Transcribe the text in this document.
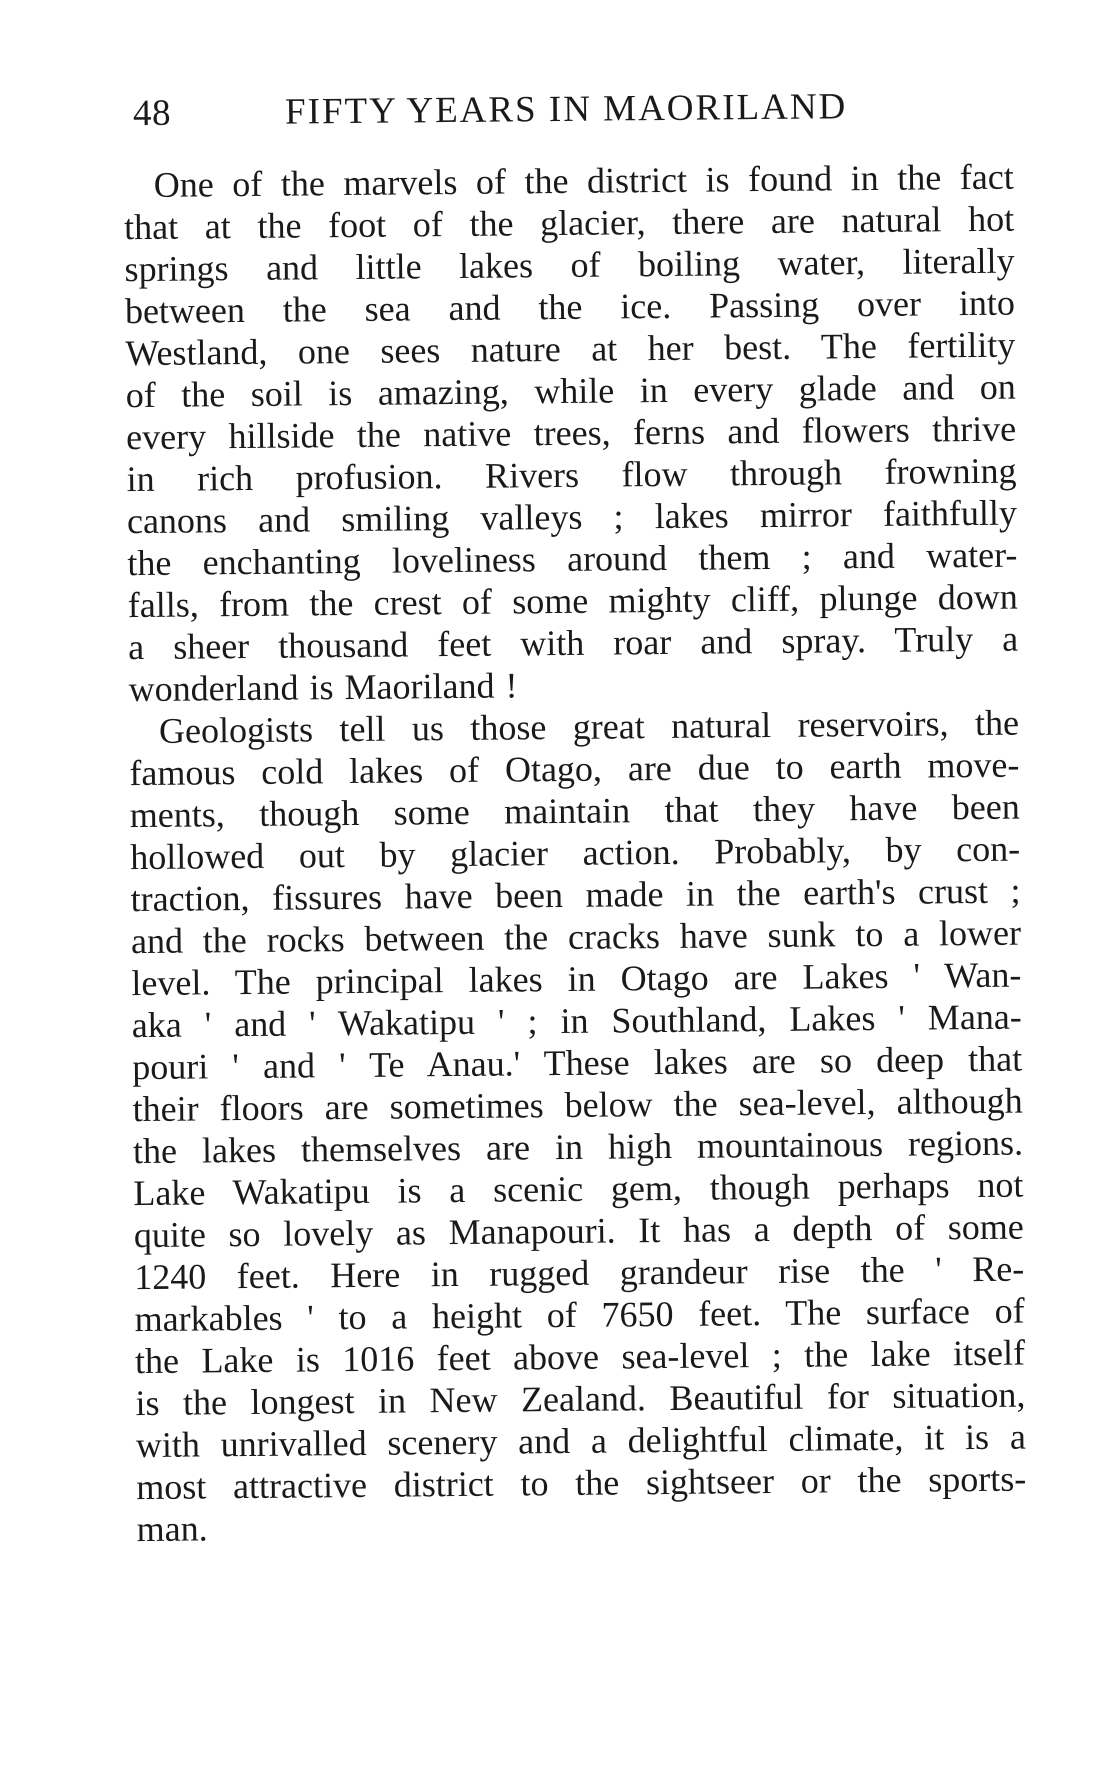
48	FIFTY YEARS IN MAORILAND
One of the marvels of the district is found in the fact
that at the foot of the glacier, there are natural hot
springs and little lakes of boiling water, literally
between the sea and the ice. Passing over into
Westland, one sees nature at her best. The fertility
of the soil is amazing, while in every glade and on
every hillside the native trees, ferns and flowers thrive
in rich profusion. Rivers flow through frowning
canons and smiling valleys ; lakes mirror faithfully
the enchanting loveliness around them ; and water-
falls, from the crest of some mighty cliff, plunge down
a sheer thousand feet with roar and spray. Truly a
wonderland is Maoriland !
Geologists tell us those great natural reservoirs, the
famous cold lakes of Otago, are due to earth move-
ments, though some maintain that they have been
hollowed out by glacier action. Probably, by con-
traction, fissures have been made in the earth's crust ;
and the rocks between the cracks have sunk to a lower
level. The principal lakes in Otago are Lakes ' Wan-
aka ' and ' Wakatipu ' ; in Southland, Lakes ' Mana-
pouri ' and ' Te Anau.' These lakes are so deep that
their floors are sometimes below the sea-level, although
the lakes themselves are in high mountainous regions.
Lake Wakatipu is a scenic gem, though perhaps not
quite so lovely as Manapouri. It has a depth of some
1240 feet. Here in rugged grandeur rise the ' Re-
markables ' to a height of 7650 feet. The surface of
the Lake is 1016 feet above sea-level ; the lake itself
is the longest in New Zealand. Beautiful for situation,
with unrivalled scenery and a delightful climate, it is a
most attractive district to the sightseer or the sports-
man.
